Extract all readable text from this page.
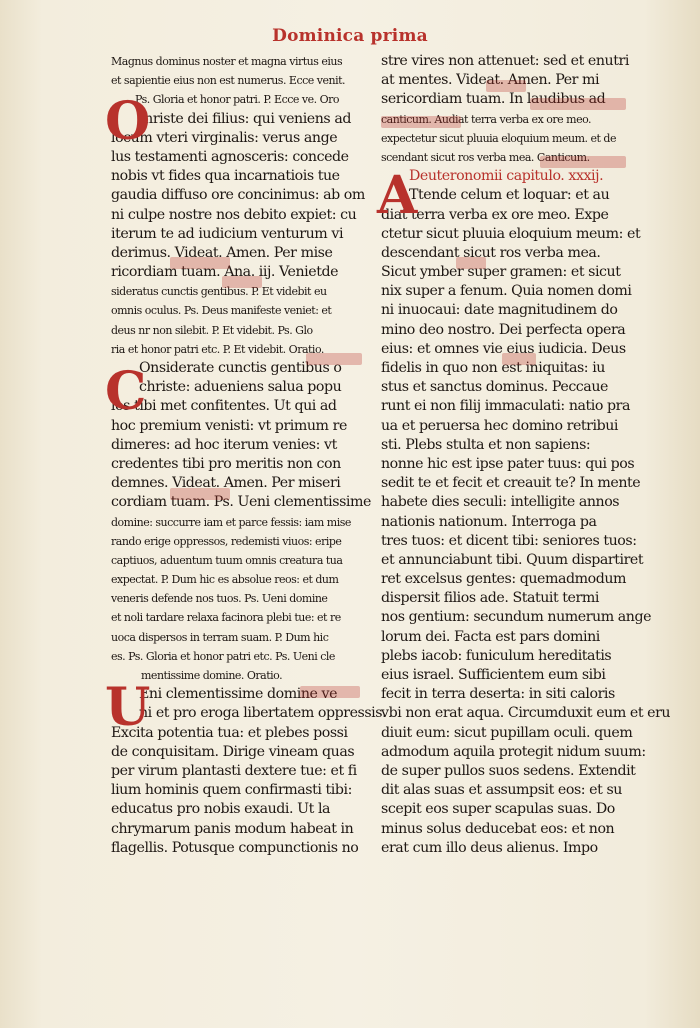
Dominica prima
Magnus dominus noster et magna virtus eius
et sapientie eius non est numerus. Ecce venit.
Ps. Gloria et honor patri. P. Ecce ve. Oro
Ihriste dei filius: qui veniens ad
locum vteri virginalis: verus ange
lus testamenti agnosceris: concede
nobis vt fides qua incarnatiois tue
gaudia diffuso ore concinimus: ab om
ni culpe nostre nos debito expiet: cu
iterum te ad iudicium venturum vi
derimus. Videat. Amen. Per mise
ricordiam tuam. Ana. iij. Venietde
sideratus cunctis gentibus. P. Et videbit eu
omnis oculus. Ps. Deus manifeste veniet: et
deus nr non silebit. P. Et videbit. Ps. Glo
ria et honor patri etc. P. Et videbit. Oratio.
Onsiderate cunctis gentibus o
christe: adueniens salua popu
los tibi met confitentes. Ut qui ad
hoc premium venisti: vt primum re
dimeres: ad hoc iterum venies: vt
credentes tibi pro meritis non con
demnes. Videat. Amen. Per miseri
cordiam tuam. Ps. Ueni clementissime
domine: succurre iam et parce fessis: iam mise
rando erige oppressos, redemisti viuos: eripe
captiuos, aduentum tuum omnis creatura tua
expectat. P. Dum hic es absolue reos: et dum
veneris defende nos tuos. Ps. Ueni domine
et noli tardare relaxa facinora plebi tue: et re
uoca dispersos in terram suam. P. Dum hic
es. Ps. Gloria et honor patri etc. Ps. Ueni cle
mentissime domine. Oratio.
Eni clementissime domine ve
ni et pro eroga libertatem oppressis.
Excita potentia tua: et plebes possi
de conquisitam. Dirige vineam quas
per virum plantasti dextere tue: et fi
lium hominis quem confirmasti tibi:
educatus pro nobis exaudi. Ut la
chrymarum panis modum habeat in
flagellis. Potusque compunctionis no
O
C
U
stre vires non attenuet: sed et enutri
at mentes. Videat. Amen. Per mi
sericordiam tuam. In laudibus ad
canticum. Audiat terra verba ex ore meo.
expectetur sicut pluuia eloquium meum. et de
scendant sicut ros verba mea. Canticum.
Deuteronomii capitulo. xxxij.
Ttende celum et loquar: et au
diat terra verba ex ore meo. Expe
ctetur sicut pluuia eloquium meum: et
descendant sicut ros verba mea.
Sicut ymber super gramen: et sicut
nix super a fenum. Quia nomen domi
ni inuocaui: date magnitudinem do
mino deo nostro. Dei perfecta opera
eius: et omnes vie eius iudicia. Deus
fidelis in quo non est iniquitas: iu
stus et sanctus dominus. Peccaue
runt ei non filij immaculati: natio pra
ua et peruersa hec domino retribui
sti. Plebs stulta et non sapiens:
nonne hic est ipse pater tuus: qui pos
sedit te et fecit et creauit te? In mente
habete dies seculi: intelligite annos
nationis nationum. Interroga pa
tres tuos: et dicent tibi: seniores tuos:
et annunciabunt tibi. Quum dispartiret
ret excelsus gentes: quemadmodum
dispersit filios ade. Statuit termi
nos gentium: secundum numerum ange
lorum dei. Facta est pars domini
plebs iacob: funiculum hereditatis
eius israel. Sufficientem eum sibi
fecit in terra deserta: in siti caloris
vbi non erat aqua. Circumduxit eum et eru
diuit eum: sicut pupillam oculi. quem
admodum aquila protegit nidum suum:
de super pullos suos sedens. Extendit
dit alas suas et assumpsit eos: et su
scepit eos super scapulas suas. Do
minus solus deducebat eos: et non
erat cum illo deus alienus. Impo
A
